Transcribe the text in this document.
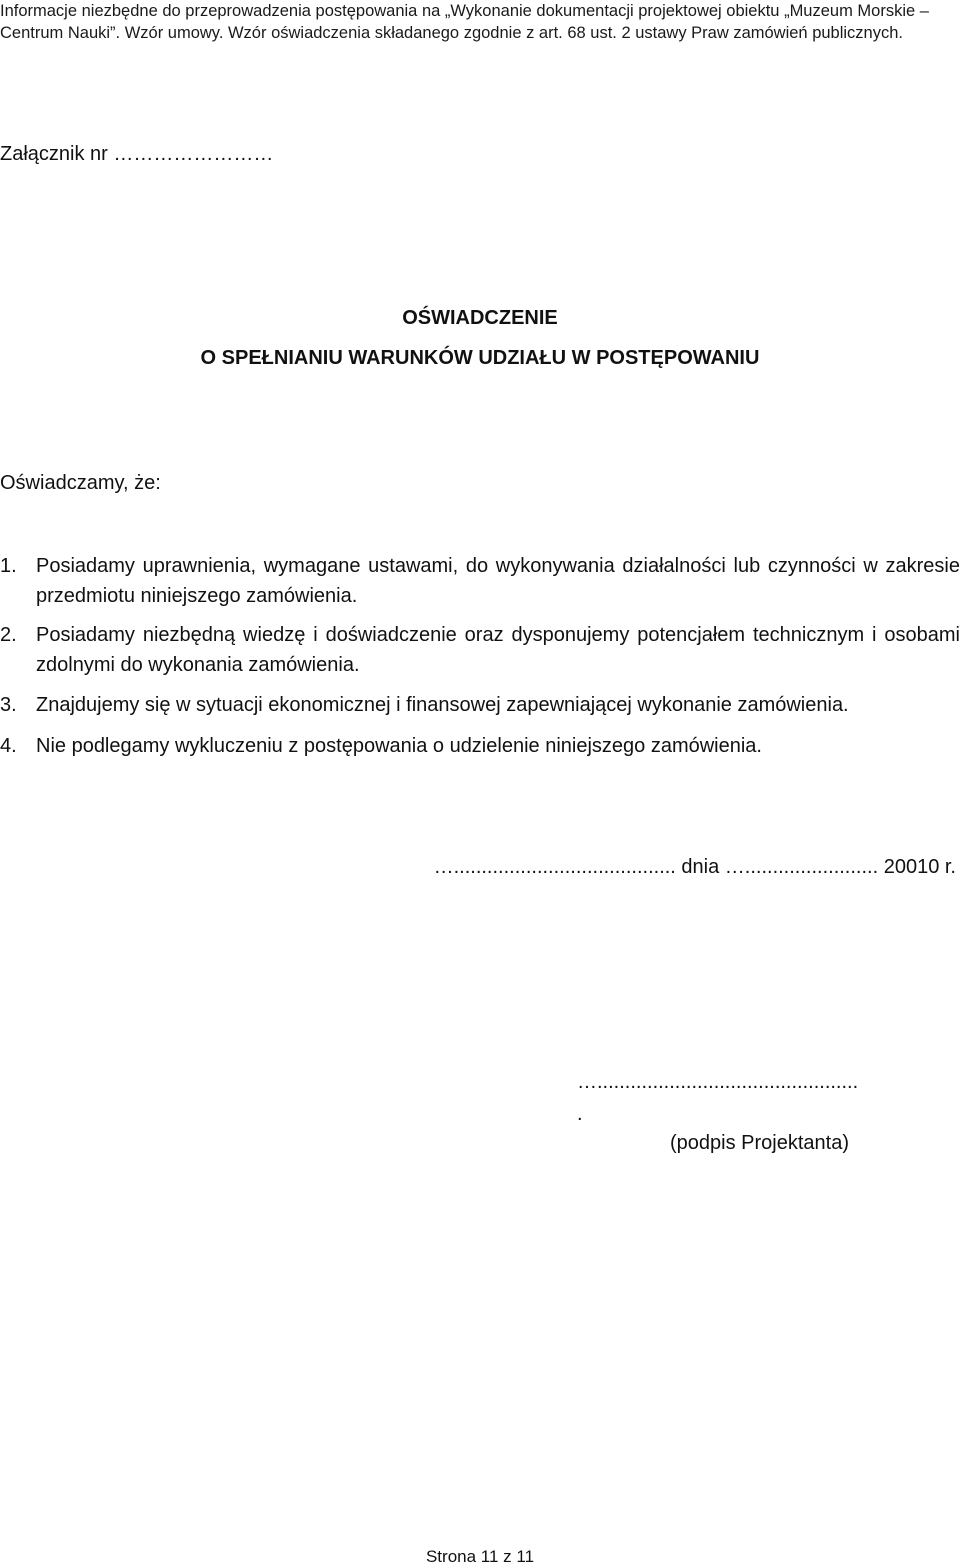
Informacje niezbędne do przeprowadzenia postępowania na „Wykonanie dokumentacji projektowej obiektu „Muzeum Morskie – Centrum Nauki”. Wzór umowy. Wzór oświadczenia składanego zgodnie z art. 68 ust. 2 ustawy Praw zamówień publicznych.
Załącznik nr ……………………
OŚWIADCZENIE
O SPEŁNIANIU WARUNKÓW UDZIAŁU W POSTĘPOWANIU
Oświadczamy, że:
1. Posiadamy uprawnienia, wymagane ustawami, do wykonywania działalności lub czynności w zakresie przedmiotu niniejszego zamówienia.
2. Posiadamy niezbędną wiedzę i doświadczenie oraz dysponujemy potencjałem technicznym i osobami zdolnymi do wykonania zamówienia.
3. Znajdujemy się w sytuacji ekonomicznej i finansowej zapewniającej wykonanie zamówienia.
4. Nie podlegamy wykluczeniu z postępowania o udzielenie niniejszego zamówienia.
…........................................ dnia …........................ 20010 r.
…...............................................
.
(podpis Projektanta)
Strona 11 z 11
